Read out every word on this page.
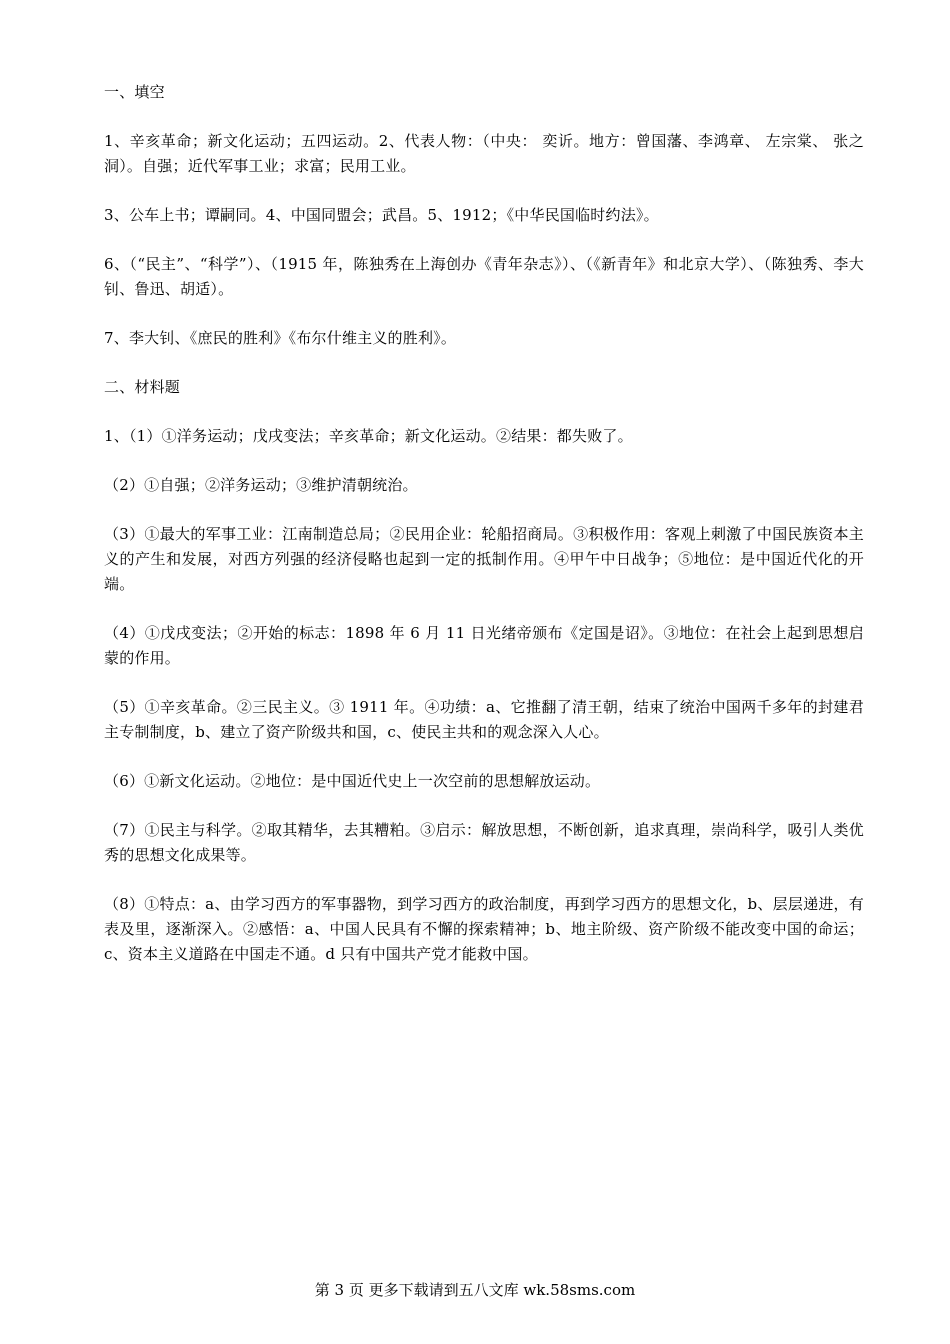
一、填空

1、辛亥革命；新文化运动；五四运动。2、代表人物：（中央： 奕䜣。地方：曾国藩、李鸿章、 左宗棠、 张之洞）。自强；近代军事工业；求富；民用工业。

3、公车上书；谭嗣同。4、中国同盟会；武昌。5、1912；《中华民国临时约法》。

6、（“民主”、“科学”）、（1915 年，陈独秀在上海创办《青年杂志》）、（《新青年》和北京大学）、（陈独秀、李大钊、鲁迅、胡适）。

7、李大钊、《庶民的胜利》《布尔什维主义的胜利》。

二、材料题

1、（1）①洋务运动；戊戌变法；辛亥革命；新文化运动。②结果：都失败了。

（2）①自强；②洋务运动；③维护清朝统治。

（3）①最大的军事工业：江南制造总局；②民用企业：轮船招商局。③积极作用：客观上刺激了中国民族资本主义的产生和发展，对西方列强的经济侵略也起到一定的抵制作用。④甲午中日战争；⑤地位：是中国近代化的开端。

（4）①戊戌变法；②开始的标志：1898 年 6 月 11 日光绪帝颁布《定国是诏》。③地位：在社会上起到思想启蒙的作用。

（5）①辛亥革命。②三民主义。③ 1911 年。④功绩：a、它推翻了清王朝，结束了统治中国两千多年的封建君主专制制度，b、建立了资产阶级共和国，c、使民主共和的观念深入人心。

（6）①新文化运动。②地位：是中国近代史上一次空前的思想解放运动。

（7）①民主与科学。②取其精华，去其糟粕。③启示：解放思想，不断创新，追求真理，崇尚科学，吸引人类优秀的思想文化成果等。

（8）①特点：a、由学习西方的军事器物，到学习西方的政治制度，再到学习西方的思想文化，b、层层递进，有表及里，逐渐深入。②感悟：a、中国人民具有不懈的探索精神；b、地主阶级、资产阶级不能改变中国的命运；c、资本主义道路在中国走不通。d 只有中国共产党才能救中国。

第 3 页 更多下载请到五八文库 wk.58sms.com
